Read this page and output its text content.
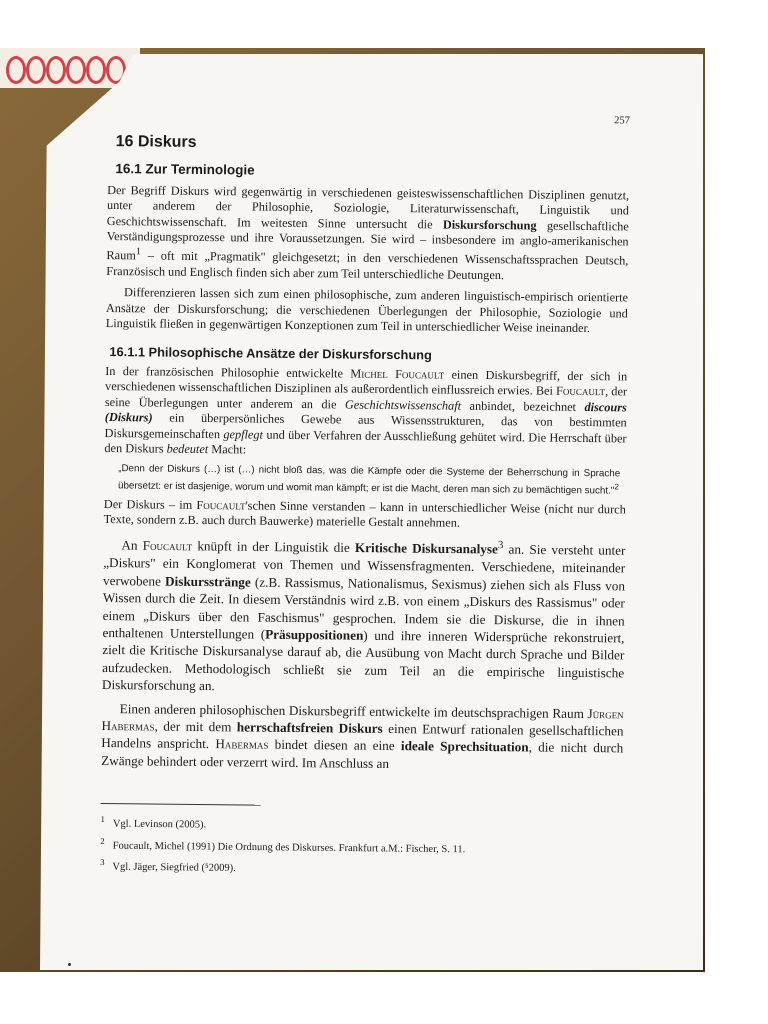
257
16 Diskurs
16.1 Zur Terminologie

Der Begriff Diskurs wird gegenwärtig in verschiedenen geisteswissenschaftlichen Disziplinen genutzt, unter anderem der Philosophie, Soziologie, Literaturwissenschaft, Linguistik und Geschichtswissenschaft. Im weitesten Sinne untersucht die Diskursforschung gesellschaftliche Verständigungsprozesse und ihre Voraussetzungen. Sie wird – insbesondere im anglo-amerikanischen Raum$^1$ – oft mit „Pragmatik" gleichgesetzt; in den verschiedenen Wissenschaftssprachen Deutsch, Französisch und Englisch finden sich aber zum Teil unterschiedliche Deutungen.

Differenzieren lassen sich zum einen philosophische, zum anderen linguistisch-empirisch orientierte Ansätze der Diskursforschung; die verschiedenen Überlegungen der Philosophie, Soziologie und Linguistik fließen in gegenwärtigen Konzeptionen zum Teil in unterschiedlicher Weise ineinander.

16.1.1 Philosophische Ansätze der Diskursforschung

In der französischen Philosophie entwickelte Michel Foucault einen Diskursbegriff, der sich in verschiedenen wissenschaftlichen Disziplinen als außerordentlich einflussreich erwies. Bei Foucault, der seine Überlegungen unter anderem an die Geschichtswissenschaft anbindet, bezeichnet discours (Diskurs) ein überpersönliches Gewebe aus Wissensstrukturen, das von bestimmten Diskursgemeinschaften gepflegt und über Verfahren der Ausschließung gehütet wird. Die Herrschaft über den Diskurs bedeutet Macht:

„Denn der Diskurs (…) ist (…) nicht bloß das, was die Kämpfe oder die Systeme der Beherrschung in Sprache übersetzt: er ist dasjenige, worum und womit man kämpft; er ist die Macht, deren man sich zu bemächtigen sucht."$^2$

Der Diskurs – im Foucault'schen Sinne verstanden – kann in unterschiedlicher Weise (nicht nur durch Texte, sondern z.B. auch durch Bauwerke) materielle Gestalt annehmen.

An Foucault knüpft in der Linguistik die Kritische Diskursanalyse$^3$ an. Sie versteht unter „Diskurs" ein Konglomerat von Themen und Wissensfragmenten. Verschiedene, miteinander verwobene Diskursstränge (z.B. Rassismus, Nationalismus, Sexismus) ziehen sich als Fluss von Wissen durch die Zeit. In diesem Verständnis wird z.B. von einem „Diskurs des Rassismus" oder einem „Diskurs über den Faschismus" gesprochen. Indem sie die Diskurse, die in ihnen enthaltenen Unterstellungen (Präsuppositionen) und ihre inneren Widersprüche rekonstruiert, zielt die Kritische Diskursanalyse darauf ab, die Ausübung von Macht durch Sprache und Bilder aufzudecken. Methodologisch schließt sie zum Teil an die empirische linguistische Diskursforschung an.

Einen anderen philosophischen Diskursbegriff entwickelte im deutschsprachigen Raum Jürgen Habermas, der mit dem herrschaftsfreien Diskurs einen Entwurf rationalen gesellschaftlichen Handelns anspricht. Habermas bindet diesen an eine ideale Sprechsituation, die nicht durch Zwänge behindert oder verzerrt wird. Im Anschluss an

$^1$ Vgl. Levinson (2005).

$^2$ Foucault, Michel (1991) Die Ordnung des Diskurses. Frankfurt a.M.: Fischer, S. 11.

$^3$ Vgl. Jäger, Siegfried (⁵2009).
